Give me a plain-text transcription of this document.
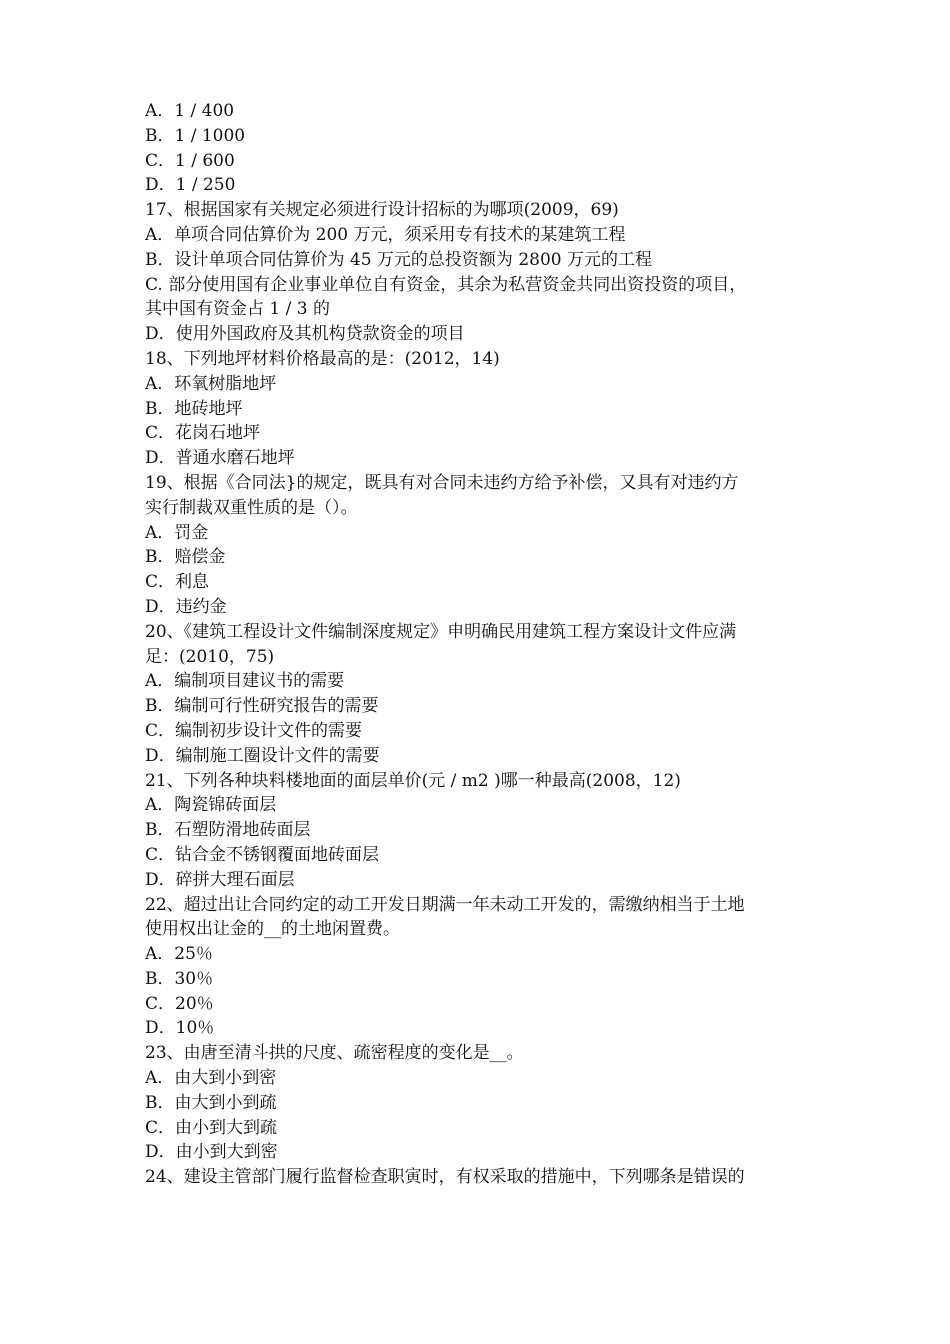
A．1 / 400
B．1 / 1000
C．1 / 600
D．1 / 250
17、根据国家有关规定必须进行设计招标的为哪项(2009，69)
A．单项合同估算价为 200 万元，须采用专有技术的某建筑工程
B．设计单项合同估算价为 45 万元的总投资额为 2800 万元的工程
C. 部分使用国有企业事业单位自有资金，其余为私营资金共同出资投资的项目，
其中国有资金占 1 / 3 的
D．使用外国政府及其机构贷款资金的项目
18、下列地坪材料价格最高的是：(2012，14)
A．环氧树脂地坪
B．地砖地坪
C．花岗石地坪
D．普通水磨石地坪
19、根据《合同法}的规定，既具有对合同未违约方给予补偿，又具有对违约方
实行制裁双重性质的是（）。
A．罚金
B．赔偿金
C．利息
D．违约金
20、《建筑工程设计文件编制深度规定》申明确民用建筑工程方案设计文件应满
足：(2010，75)
A．编制项目建议书的需要
B．编制可行性研究报告的需要
C．编制初步设计文件的需要
D．编制施工圈设计文件的需要
21、下列各种块料楼地面的面层单价(元 / m2 )哪一种最高(2008，12)
A．陶瓷锦砖面层
B．石塑防滑地砖面层
C．钻合金不锈钢覆面地砖面层
D．碎拼大理石面层
22、超过出让合同约定的动工开发日期满一年未动工开发的，需缴纳相当于土地
使用权出让金的__的土地闲置费。
A．25％
B．30％
C．20％
D．10％
23、由唐至清斗拱的尺度、疏密程度的变化是__。
A．由大到小到密
B．由大到小到疏
C．由小到大到疏
D．由小到大到密
24、建设主管部门履行监督检查职寅时，有权采取的措施中，下列哪条是错误的
